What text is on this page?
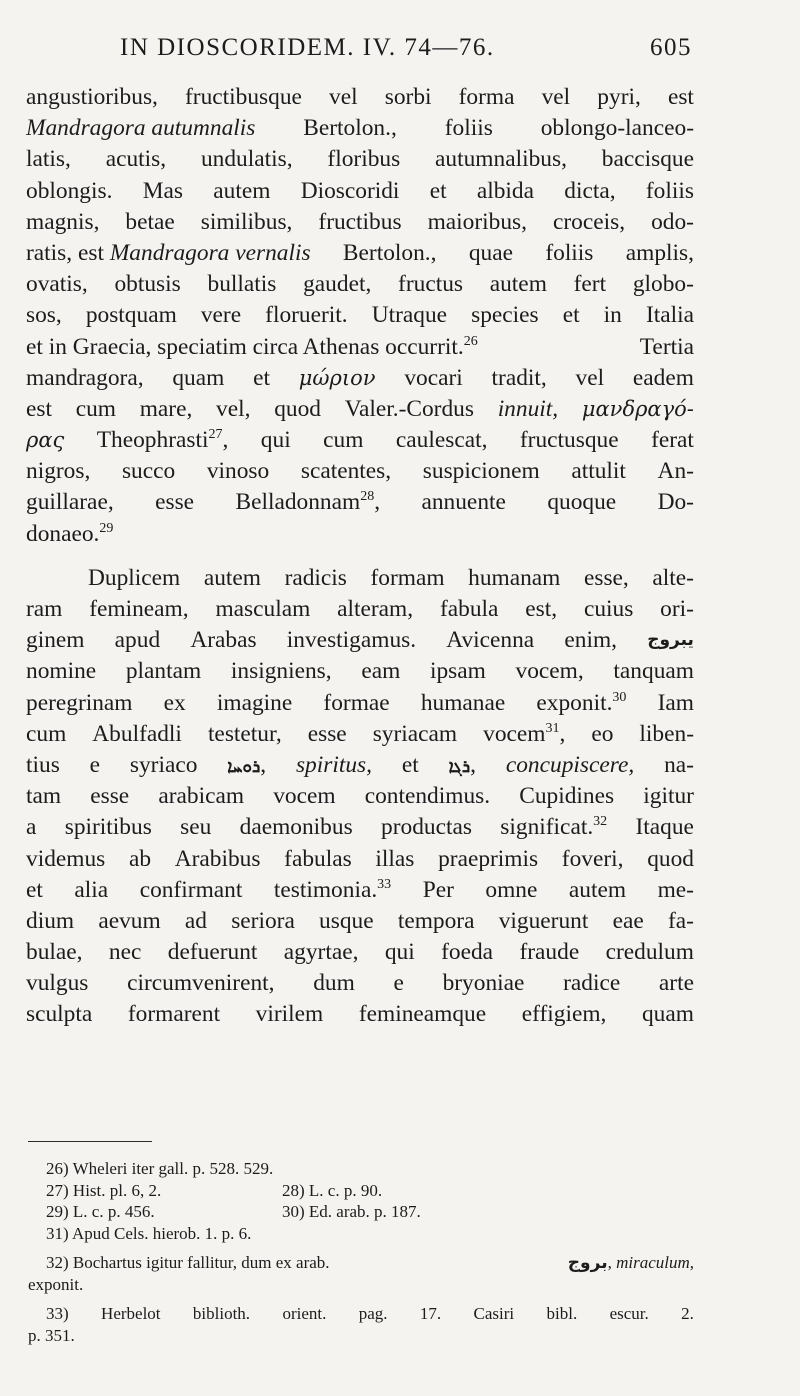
IN DIOSCORIDEM. IV. 74—76.	605
angustioribus, fructibusque vel sorbi forma vel pyri, est
Mandragora autumnalis Bertolon., foliis oblongo-lanceo-
latis, acutis, undulatis, floribus autumnalibus, baccisque
oblongis. Mas autem Dioscoridi et albida dicta, foliis
magnis, betae similibus, fructibus maioribus, croceis, odo-
ratis, est Mandragora vernalis Bertolon., quae foliis amplis,
ovatis, obtusis bullatis gaudet, fructus autem fert globo-
sos, postquam vere floruerit. Utraque species et in Italia
et in Graecia, speciatim circa Athenas occurrit.$^{26}$	Tertia
mandragora, quam et μώριον vocari tradit, vel eadem
est cum mare, vel, quod Valer.-Cordus innuit, μανδραγό-
ρας Theophrasti$^{27}$, qui cum caulescat, fructusque ferat
nigros, succo vinoso scatentes, suspicionem attulit An-
guillarae, esse Belladonnam$^{28}$, annuente quoque Do-
donaeo.$^{29}$
Duplicem autem radicis formam humanam esse, alte-
ram femineam, masculam alteram, fabula est, cuius ori-
ginem apud Arabas investigamus. Avicenna enim, يبروج
nomine plantam insigniens, eam ipsam vocem, tanquam
peregrinam ex imagine formae humanae exponit.$^{30}$ Iam
cum Abulfadli testetur, esse syriacam vocem$^{31}$, eo liben-
tius e syriaco ܪܘܚܐ, spiritus, et ܪܓܐ, concupiscere, na-
tam esse arabicam vocem contendimus. Cupidines igitur
a spiritibus seu daemonibus productas significat.$^{32}$ Itaque
videmus ab Arabibus fabulas illas praeprimis foveri, quod
et alia confirmant testimonia.$^{33}$ Per omne autem me-
dium aevum ad seriora usque tempora viguerunt eae fa-
bulae, nec defuerunt agyrtae, qui foeda fraude credulum
vulgus circumvenirent, dum e bryoniae radice arte
sculpta formarent virilem femineamque effigiem, quam
26) Wheleri iter gall. p. 528. 529.
27) Hist. pl. 6, 2.	28) L. c. p. 90.
29) L. c. p. 456.	30) Ed. arab. p. 187.
31) Apud Cels. hierob. 1. p. 6.
32) Bochartus igitur fallitur, dum ex arab.	بروج, miraculum,
exponit.
33) Herbelot biblioth. orient. pag. 17. Casiri bibl. escur. 2.
p. 351.
